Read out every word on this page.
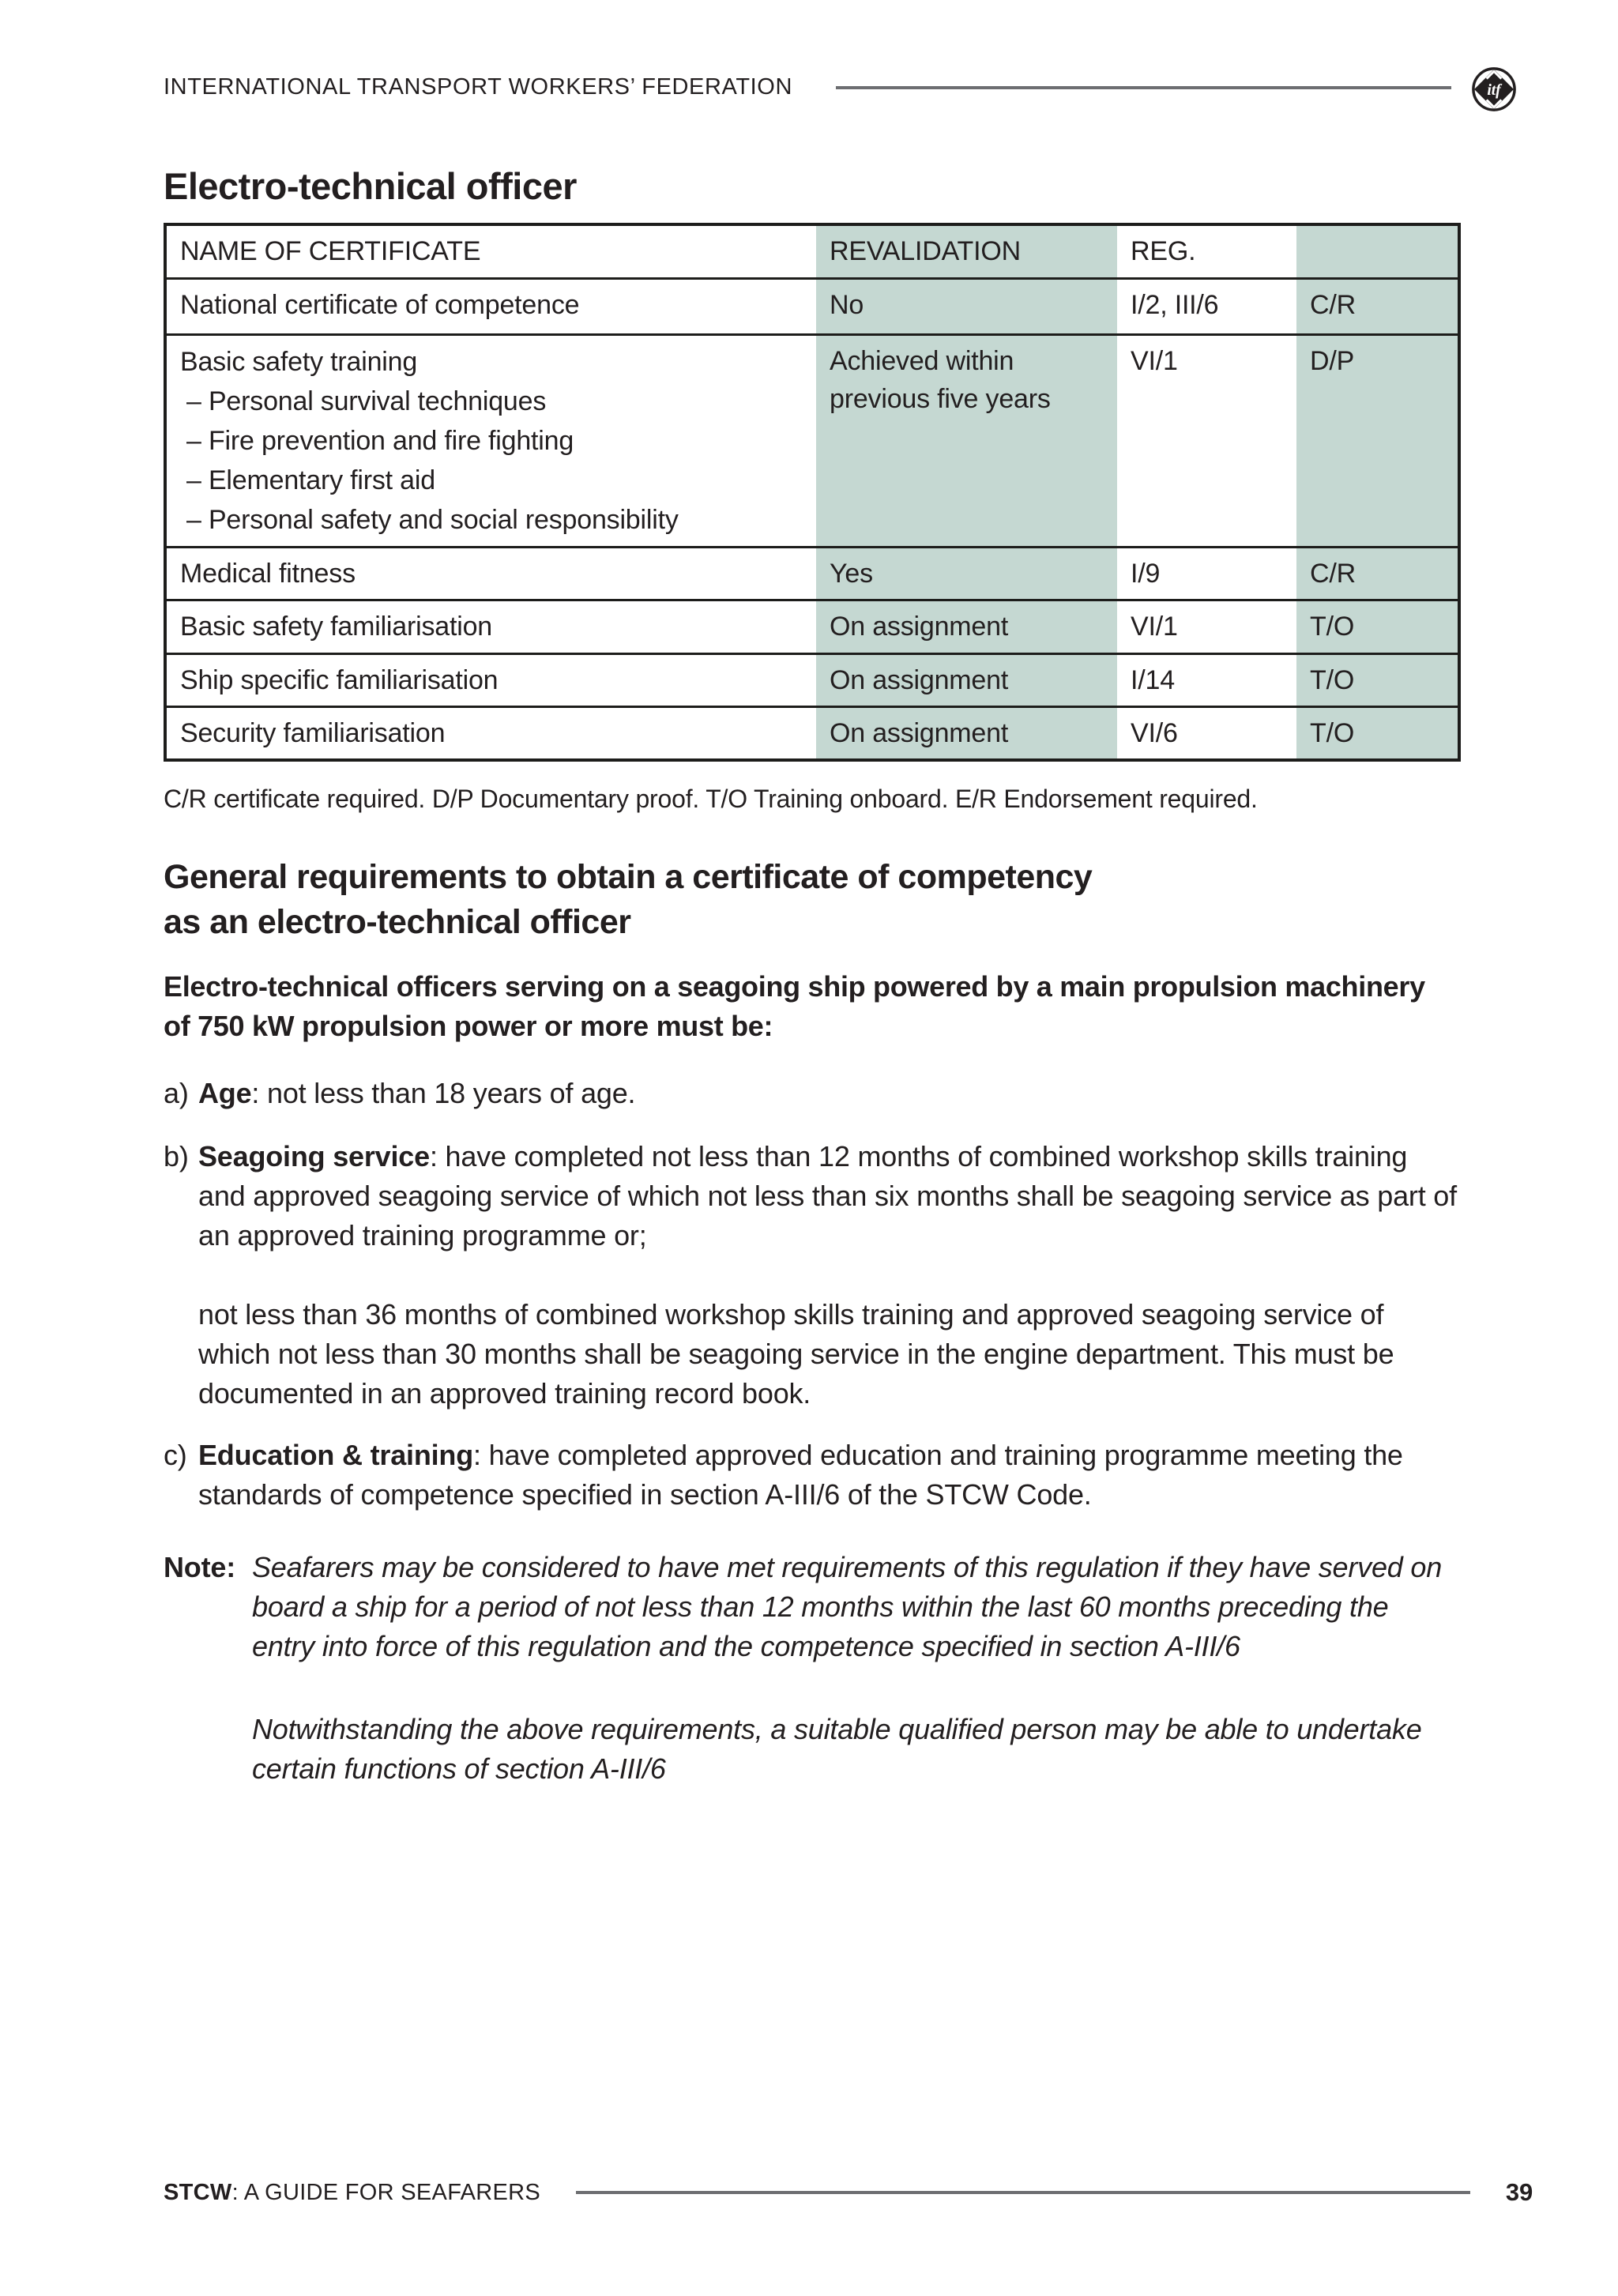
INTERNATIONAL TRANSPORT WORKERS’ FEDERATION	itf
Electro-technical officer
NAME OF CERTIFICATE	REVALIDATION	REG.	
National certificate of competence	No	I/2, III/6	C/R

Basic safety training
– Personal survival techniques
– Fire prevention and fire fighting
– Elementary first aid
– Personal safety and social responsibility	Achieved within previous five years	VI/1	D/P
Medical fitness	Yes	I/9	C/R
Basic safety familiarisation	On assignment	VI/1	T/O
Ship specific familiarisation	On assignment	I/14	T/O
Security familiarisation	On assignment	VI/6	T/O

C/R certificate required. D/P Documentary proof. T/O Training onboard. E/R Endorsement required.

General requirements to obtain a certificate of competency
as an electro-technical officer

Electro-technical officers serving on a seagoing ship powered by a main propulsion machinery of 750 kW propulsion power or more must be:

a) Age: not less than 18 years of age.
b) Seagoing service: have completed not less than 12 months of combined workshop skills training and approved seagoing service of which not less than six months shall be seagoing service as part of an approved training programme or;
not less than 36 months of combined workshop skills training and approved seagoing service of which not less than 30 months shall be seagoing service in the engine department. This must be documented in an approved training record book.
c) Education & training: have completed approved education and training programme meeting the standards of competence specified in section A-III/6 of the STCW Code.
Note: Seafarers may be considered to have met requirements of this regulation if they have served on board a ship for a period of not less than 12 months within the last 60 months preceding the entry into force of this regulation and the competence specified in section A-III/6

Notwithstanding the above requirements, a suitable qualified person may be able to undertake certain functions of section A-III/6

STCW: A GUIDE FOR SEAFARERS	39
